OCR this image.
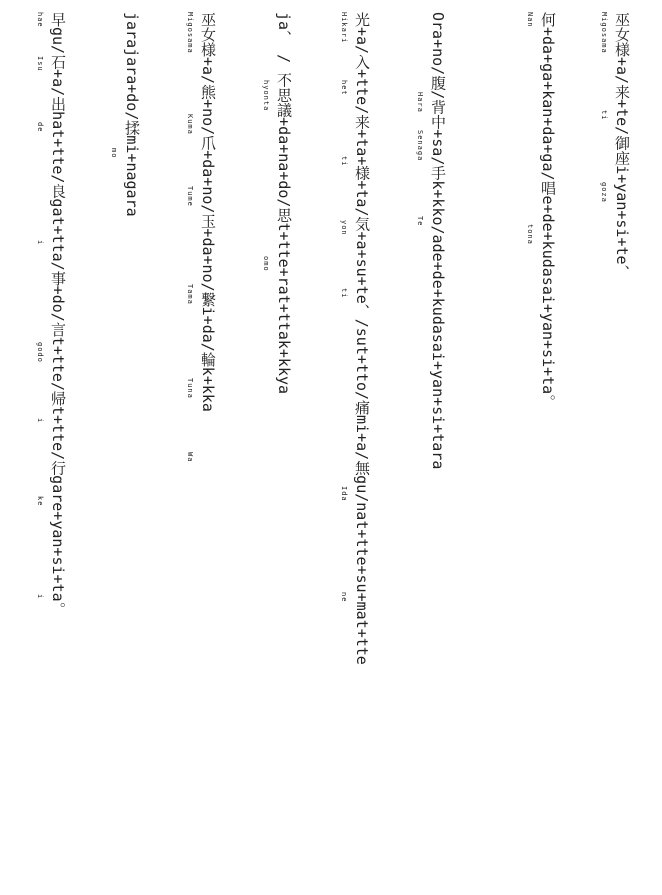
Migosama
ti
goza 巫女様+a/来+te/御座i+yan+si+te、
Nan
tona 何+da+ga+kan+da+ga/唱e+de+kudasai+yan+si+ta。
Hara
Senaga
Te Ora+no/腹/背中+sa/手k+kko/ade+de+kudasai+yan+si+tara
Hikari
het
ti
yon
ti
Ida
ne 光+a/入+tte/来+ta+様+ta/気+a+su+te、/sut+tto/痛mi+a/無gu/nat+tte+su+mat+tte
hyonta
omo ja、 / 不思議+da+na+do/思t+tte+rat+ttak+kkya
Migosama
Kuma
Tume
Tama
Tuna
Wa
巫女様+a/熊+no/爪+da+no/玉+da+no/繋i+da/輪k+kka
mo jarajara+do/揉mi+nagara
hae
Isu
de
i
godo
i
ke
i 早gu/石+a/出hat+tte/良gat+tta/事+do/言t+tte/帰t+tte/行gare+yan+si+ta。
